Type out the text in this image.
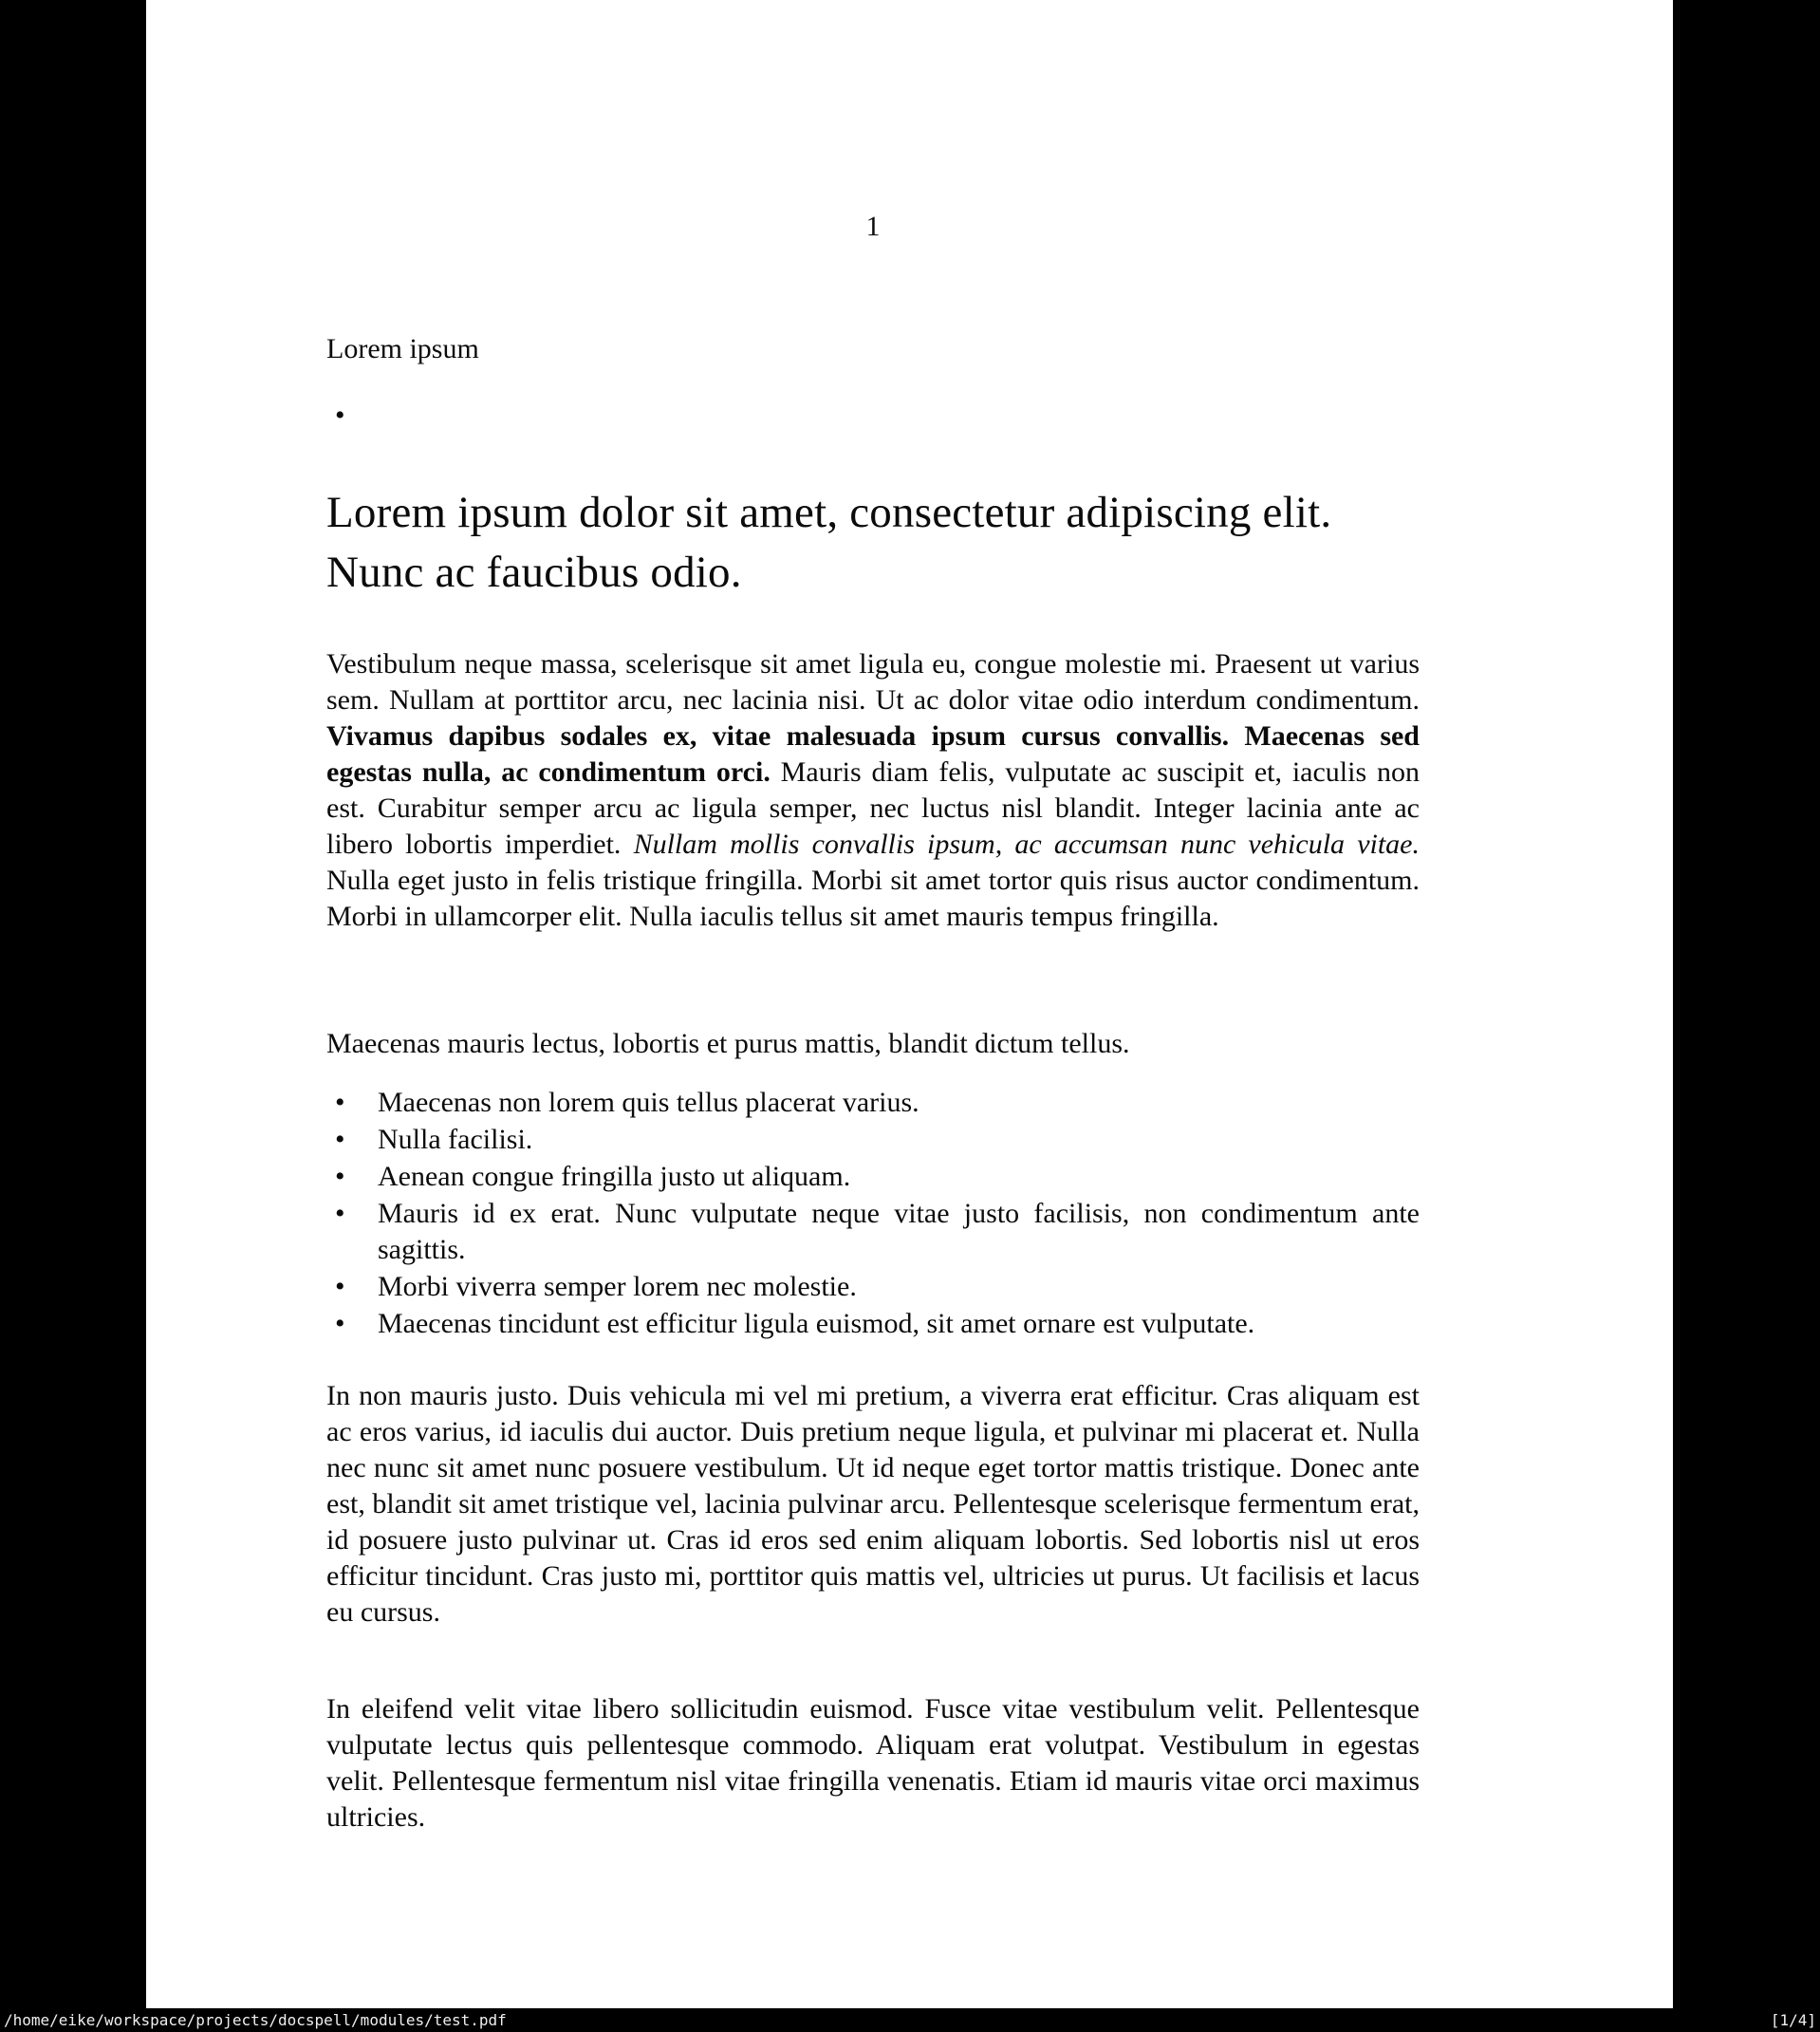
1
Lorem ipsum
•
Lorem ipsum dolor sit amet, consectetur adipiscing elit. Nunc ac faucibus odio.

Vestibulum neque massa, scelerisque sit amet ligula eu, congue molestie mi. Praesent ut varius sem. Nullam at porttitor arcu, nec lacinia nisi. Ut ac dolor vitae odio interdum condimentum. Vivamus dapibus sodales ex, vitae malesuada ipsum cursus convallis. Maecenas sed egestas nulla, ac condimentum orci. Mauris diam felis, vulputate ac suscipit et, iaculis non est. Curabitur semper arcu ac ligula semper, nec luctus nisl blandit. Integer lacinia ante ac libero lobortis imperdiet. Nullam mollis convallis ipsum, ac accumsan nunc vehicula vitae. Nulla eget justo in felis tristique fringilla. Morbi sit amet tortor quis risus auctor condimentum. Morbi in ullamcorper elit. Nulla iaculis tellus sit amet mauris tempus fringilla.

Maecenas mauris lectus, lobortis et purus mattis, blandit dictum tellus.

•	Maecenas non lorem quis tellus placerat varius.
•	Nulla facilisi.
•	Aenean congue fringilla justo ut aliquam.
•	Mauris id ex erat. Nunc vulputate neque vitae justo facilisis, non condimentum ante sagittis.
•	Morbi viverra semper lorem nec molestie.
•	Maecenas tincidunt est efficitur ligula euismod, sit amet ornare est vulputate.

In non mauris justo. Duis vehicula mi vel mi pretium, a viverra erat efficitur. Cras aliquam est ac eros varius, id iaculis dui auctor. Duis pretium neque ligula, et pulvinar mi placerat et. Nulla nec nunc sit amet nunc posuere vestibulum. Ut id neque eget tortor mattis tristique. Donec ante est, blandit sit amet tristique vel, lacinia pulvinar arcu. Pellentesque scelerisque fermentum erat, id posuere justo pulvinar ut. Cras id eros sed enim aliquam lobortis. Sed lobortis nisl ut eros efficitur tincidunt. Cras justo mi, porttitor quis mattis vel, ultricies ut purus. Ut facilisis et lacus eu cursus.

In eleifend velit vitae libero sollicitudin euismod. Fusce vitae vestibulum velit. Pellentesque vulputate lectus quis pellentesque commodo. Aliquam erat volutpat. Vestibulum in egestas velit. Pellentesque fermentum nisl vitae fringilla venenatis. Etiam id mauris vitae orci maximus ultricies.

/home/eike/workspace/projects/docspell/modules/test.pdf	[1/4]
